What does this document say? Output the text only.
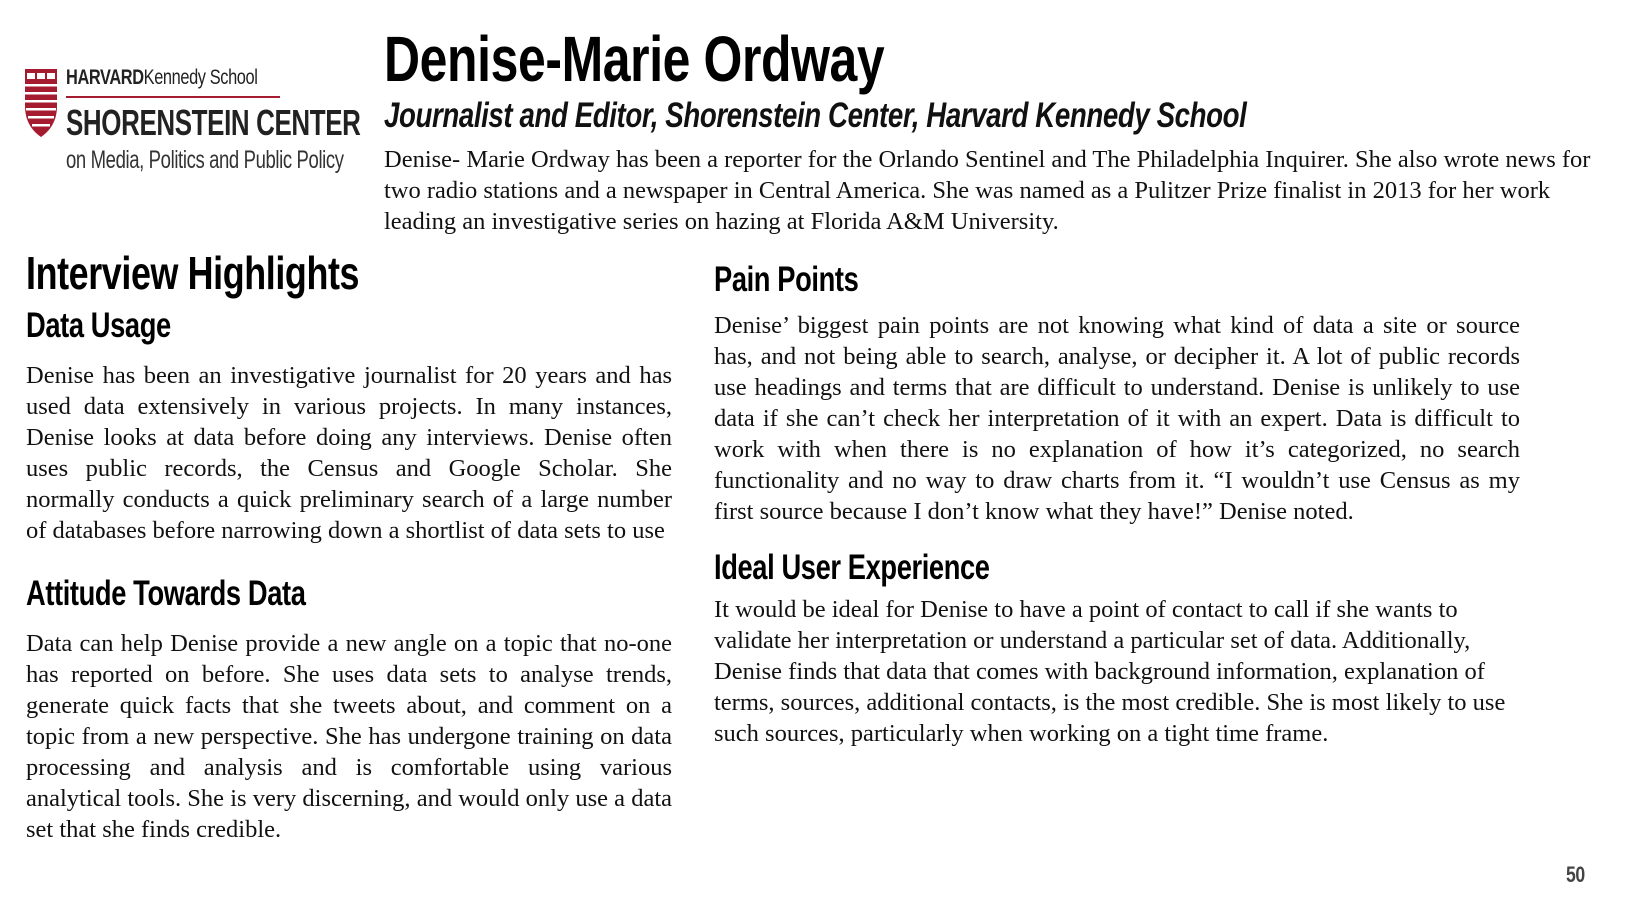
HARVARDKennedy School
SHORENSTEIN CENTER
on Media, Politics and Public Policy
Denise-Marie Ordway
Journalist and Editor, Shorenstein Center, Harvard Kennedy School

Denise- Marie Ordway has been a reporter for the Orlando Sentinel and The Philadelphia Inquirer. She also wrote news for two radio stations and a newspaper in Central America. She was named as a Pulitzer Prize finalist in 2013 for her work leading an investigative series on hazing at Florida A&M University.

Interview Highlights
Data Usage

Denise has been an investigative journalist for 20 years and has used data extensively in various projects. In many instances, Denise looks at data before doing any interviews. Denise often uses public records, the Census and Google Scholar. She normally conducts a quick preliminary search of a large number of databases before narrowing down a shortlist of data sets to use

Attitude Towards Data

Data can help Denise provide a new angle on a topic that no-one has reported on before. She uses data sets to analyse trends, generate quick facts that she tweets about, and comment on a topic from a new perspective. She has undergone training on data processing and analysis and is comfortable using various analytical tools. She is very discerning, and would only use a data set that she finds credible.

Pain Points

Denise’ biggest pain points are not knowing what kind of data a site or source has, and not being able to search, analyse, or decipher it. A lot of public records use headings and terms that are difficult to understand. Denise is unlikely to use data if she can’t check her interpretation of it with an expert. Data is difficult to work with when there is no explanation of how it’s categorized, no search functionality and no way to draw charts from it. “I wouldn’t use Census as my first source because I don’t know what they have!” Denise noted.

Ideal User Experience

It would be ideal for Denise to have a point of contact to call if she wants to validate her interpretation or understand a particular set of data. Additionally, Denise finds that data that comes with background information, explanation of terms, sources, additional contacts, is the most credible. She is most likely to use such sources, particularly when working on a tight time frame.

50
